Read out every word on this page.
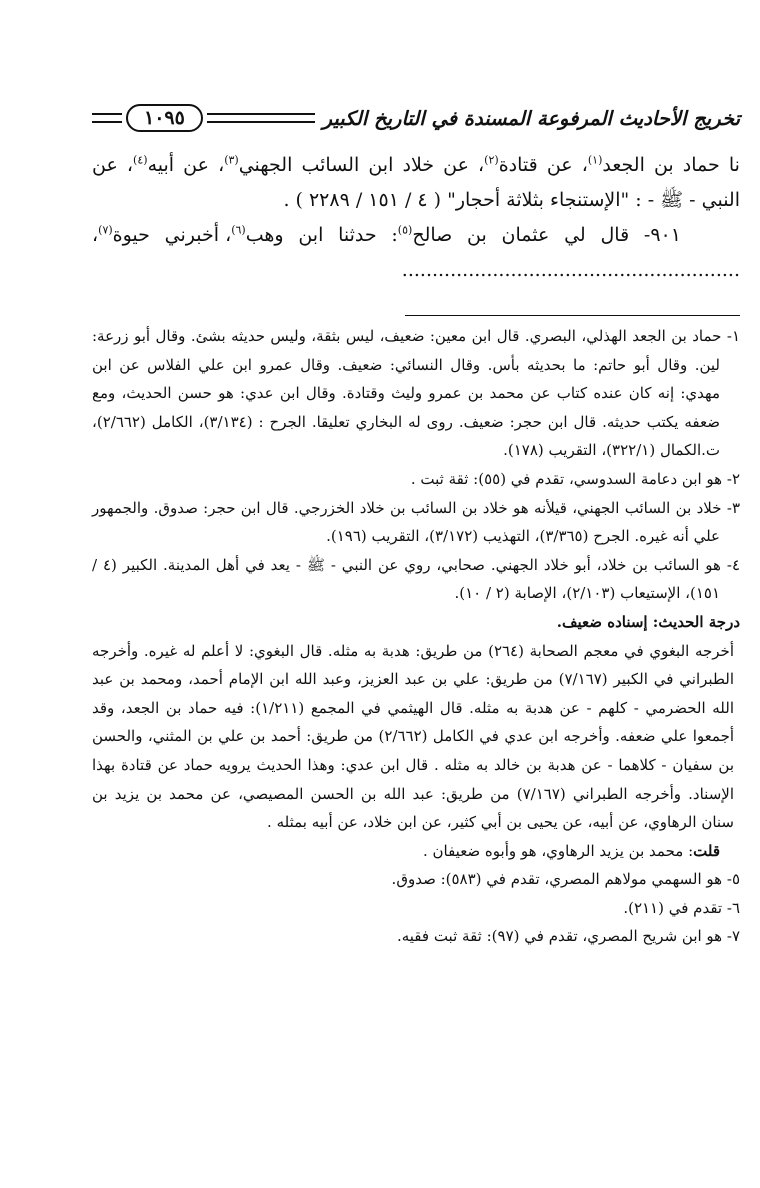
تخريج الأحاديث المرفوعة المسندة في التاريخ الكبير
١٠٩٥

نا حماد بن الجعد$^{(١)}$، عن قتادة$^{(٢)}$، عن خلاد ابن السائب الجهني$^{(٣)}$، عن أبيه$^{(٤)}$، عن النبي - ﷺ - : "الإستنجاء بثلاثة أحجار" ( ٤ / ١٥١ / ٢٢٨٩ ) .

٩٠١- قال لي عثمان بن صالح$^{(٥)}$: حدثنا ابن وهب$^{(٦)}$، أخبرني حيوة$^{(٧)}$، ........................................................

١- حماد بن الجعد الهذلي، البصري. قال ابن معين: ضعيف، ليس بثقة، وليس حديثه بشئ. وقال أبو زرعة: لين. وقال أبو حاتم: ما بحديثه بأس. وقال النسائي: ضعيف. وقال عمرو ابن علي الفلاس عن ابن مهدي: إنه كان عنده كتاب عن محمد بن عمرو وليث وقتادة. وقال ابن عدي: هو حسن الحديث، ومع ضعفه يكتب حديثه. قال ابن حجر: ضعيف. روى له البخاري تعليقا. الجرح : (٣/١٣٤)، الكامل (٢/٦٦٢)، ت.الكمال (٣٢٢/١)، التقريب (١٧٨).

٢- هو ابن دعامة السدوسي، تقدم في (٥٥): ثقة ثبت .

٣- خلاد بن السائب الجهني، قيلأنه هو خلاد بن السائب بن خلاد الخزرجي. قال ابن حجر: صدوق. والجمهور علي أنه غيره. الجرح (٣/٣٦٥)، التهذيب (٣/١٧٢)، التقريب (١٩٦).

٤- هو السائب بن خلاد، أبو خلاد الجهني. صحابي، روي عن النبي - ﷺ - يعد في أهل المدينة. الكبير (٤ /١٥١)، الإستيعاب (٢/١٠٣)، الإصابة (٢ / ١٠).

درجة الحديث: إسناده ضعيف.

أخرجه البغوي في معجم الصحابة (٢٦٤) من طريق: هدبة به مثله. قال البغوي: لا أعلم له غيره. وأخرجه الطبراني في الكبير (٧/١٦٧) من طريق: علي بن عبد العزيز، وعبد الله ابن الإمام أحمد، ومحمد بن عبد الله الحضرمي - كلهم - عن هدبة به مثله. قال الهيثمي في المجمع (١/٢١١): فيه حماد بن الجعد، وقد أجمعوا علي ضعفه. وأخرجه ابن عدي في الكامل (٢/٦٦٢) من طريق: أحمد بن علي بن المثني، والحسن بن سفيان - كلاهما - عن هدبة بن خالد به مثله . قال ابن عدي: وهذا الحديث يرويه حماد عن قتادة بهذا الإسناد. وأخرجه الطبراني (٧/١٦٧) من طريق: عبد الله بن الحسن المصيصي، عن محمد بن يزيد بن سنان الرهاوي، عن أبيه، عن يحيى بن أبي كثير، عن ابن خلاد، عن أبيه بمثله .

قلت: محمد بن يزيد الرهاوي، هو وأبوه ضعيفان .

٥- هو السهمي مولاهم المصري، تقدم في (٥٨٣): صدوق.

٦- تقدم في (٢١١).

٧- هو ابن شريح المصري، تقدم في (٩٧): ثقة ثبت فقيه.
